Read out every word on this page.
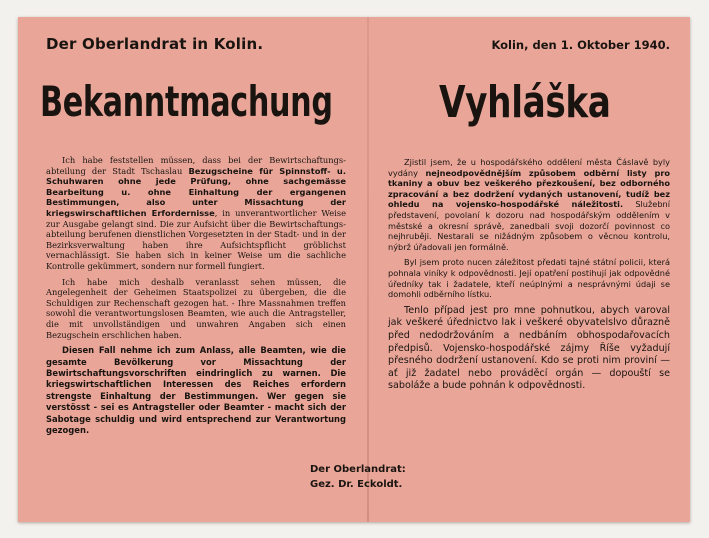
Der Oberlandrat in Kolin.	Kolin, den 1. Oktober 1940.
Bekanntmachung Vyhláška

Ich habe feststellen müssen, dass bei der Bewirtschaftungs-abteilung der Stadt Tschaslau Bezugscheine für Spinnstoff- u. Schuhwaren ohne jede Prüfung, ohne sachgemässe Bearbeitung u. ohne Einhaltung der ergangenen Bestimmungen, also unter Missachtung der kriegswirschaftlichen Erfordernisse, in unverantwortlicher Weise zur Ausgabe gelangt sind. Die zur Aufsicht über die Bewirtschaftungs-abteilung berufenen dienstlichen Vorgesetzten in der Stadt- und in der Bezirksverwaltung haben ihre Aufsichtspflicht gröblichst vernachlässigt. Sie haben sich in keiner Weise um die sachliche Kontrolle gekümmert, sondern nur formell fungiert.

Ich habe mich deshalb veranlasst sehen müssen, die Angelegenheit der Geheimen Staatspolizei zu übergeben, die die Schuldigen zur Rechenschaft gezogen hat. - Ihre Massnahmen treffen sowohl die verantwortungslosen Beamten, wie auch die Antragsteller, die mit unvollständigen und unwahren Angaben sich einen Bezugschein erschlichen haben.

Diesen Fall nehme ich zum Anlass, alle Beamten, wie die gesamte Bevölkerung vor Missachtung der Bewirtschaftungsvorschriften eindringlich zu warnen. Die kriegswirtschaftlichen Interessen des Reiches erfordern strengste Einhaltung der Bestimmungen. Wer gegen sie verstösst - sei es Antragsteller oder Beamter - macht sich der Sabotage schuldig und wird entsprechend zur Verantwortung gezogen.

Zjistil jsem, že u hospodářského oddělení města Čáslavě byly vydány nejneodpovědnějším způsobem odběrní listy pro tkaniny a obuv bez veškerého přezkoušení, bez odborného zpracování a bez dodržení vydaných ustanovení, tudíž bez ohledu na vojensko-hospodářské náležitosti. Služební představení, povolaní k dozoru nad hospodářským oddělením v městské a okresní správě, zanedbali svoji dozorčí povinnost co nejhruběji. Nestarali se nižádným způsobem o věcnou kontrolu, nýbrž úřadovali jen formálně.

Byl jsem proto nucen záležitost předati tajné státní policii, která pohnala viníky k odpovědnosti. Její opatření postihují jak odpovědné úředníky tak i žadatele, kteří neúplnými a nesprávnými údaji se domohli odběrního lístku.

Tenlo případ jest pro mne pohnutkou, abych varoval jak veškeré úřednictvo lak i veškeré obyvatelslvo důrazně před nedodržováním a nedbáním obhospodařovacích předpisů. Vojensko-hospodářské zájmy Říše vyžadují přesného dodržení ustanovení. Kdo se proti nim proviní — ať již žadatel nebo prováděcí orgán — dopouští se saboláže a bude pohnán k odpovědnosti.

Der Oberlandrat:
Gez. Dr. Eckoldt.
